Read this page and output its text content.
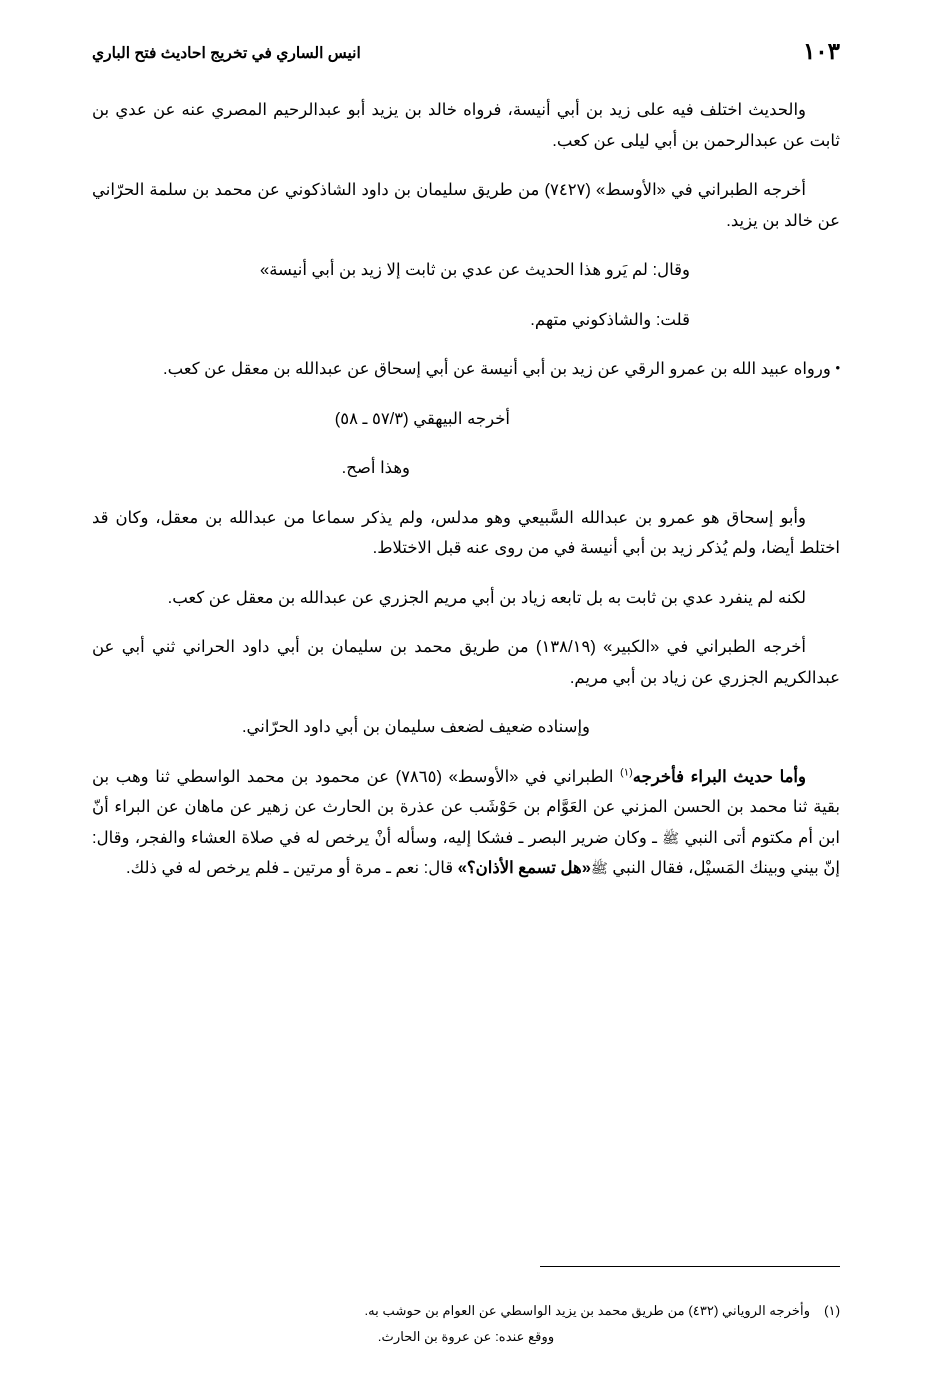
١٠٣
انيس الساري في تخريج احاديث فتح الباري

والحديث اختلف فيه على زيد بن أبي أنيسة، فرواه خالد بن يزيد أبو عبدالرحيم المصري عنه عن عدي بن ثابت عن عبدالرحمن بن أبي ليلى عن كعب.

أخرجه الطبراني في «الأوسط» (٧٤٢٧) من طريق سليمان بن داود الشاذكوني عن محمد بن سلمة الحرّاني عن خالد بن يزيد.

وقال: لم يَرو هذا الحديث عن عدي بن ثابت إلا زيد بن أبي أنيسة»

قلت: والشاذكوني متهم.

• ورواه عبيد الله بن عمرو الرقي عن زيد بن أبي أنيسة عن أبي إسحاق عن عبدالله بن معقل عن كعب.

أخرجه البيهقي (٥٧/٣ ـ ٥٨)

وهذا أصح.

وأبو إسحاق هو عمرو بن عبدالله السَّبيعي وهو مدلس، ولم يذكر سماعا من عبدالله بن معقل، وكان قد اختلط أيضا، ولم يُذكر زيد بن أبي أنيسة في من روى عنه قبل الاختلاط.

لكنه لم ينفرد عدي بن ثابت به بل تابعه زياد بن أبي مريم الجزري عن عبدالله بن معقل عن كعب.

أخرجه الطبراني في «الكبير» (١٣٨/١٩) من طريق محمد بن سليمان بن أبي داود الحراني ثني أبي عن عبدالكريم الجزري عن زياد بن أبي مريم.

وإسناده ضعيف لضعف سليمان بن أبي داود الحرّاني.

وأما حديث البراء فأخرجه$^{(١)}$ الطبراني في «الأوسط» (٧٨٦٥) عن محمود بن محمد الواسطي ثنا وهب بن بقية ثنا محمد بن الحسن المزني عن العَوَّام بن حَوْشَب عن عذرة بن الحارث عن زهير عن ماهان عن البراء أنّ ابن أم مكتوم أتى النبي ﷺ ـ وكان ضرير البصر ـ فشكا إليه، وسأله أنْ يرخص له في صلاة العشاء والفجر، وقال: إنّ بيني وبينك المَسيْل، فقال النبي ﷺ«هل تسمع الأذان؟» قال: نعم ـ مرة أو مرتين ـ فلم يرخص له في ذلك.

(١)
وأخرجه الروياني (٤٣٢) من طريق محمد بن يزيد الواسطي عن العوام بن حوشب به.
ووقع عنده: عن عروة بن الحارث.
